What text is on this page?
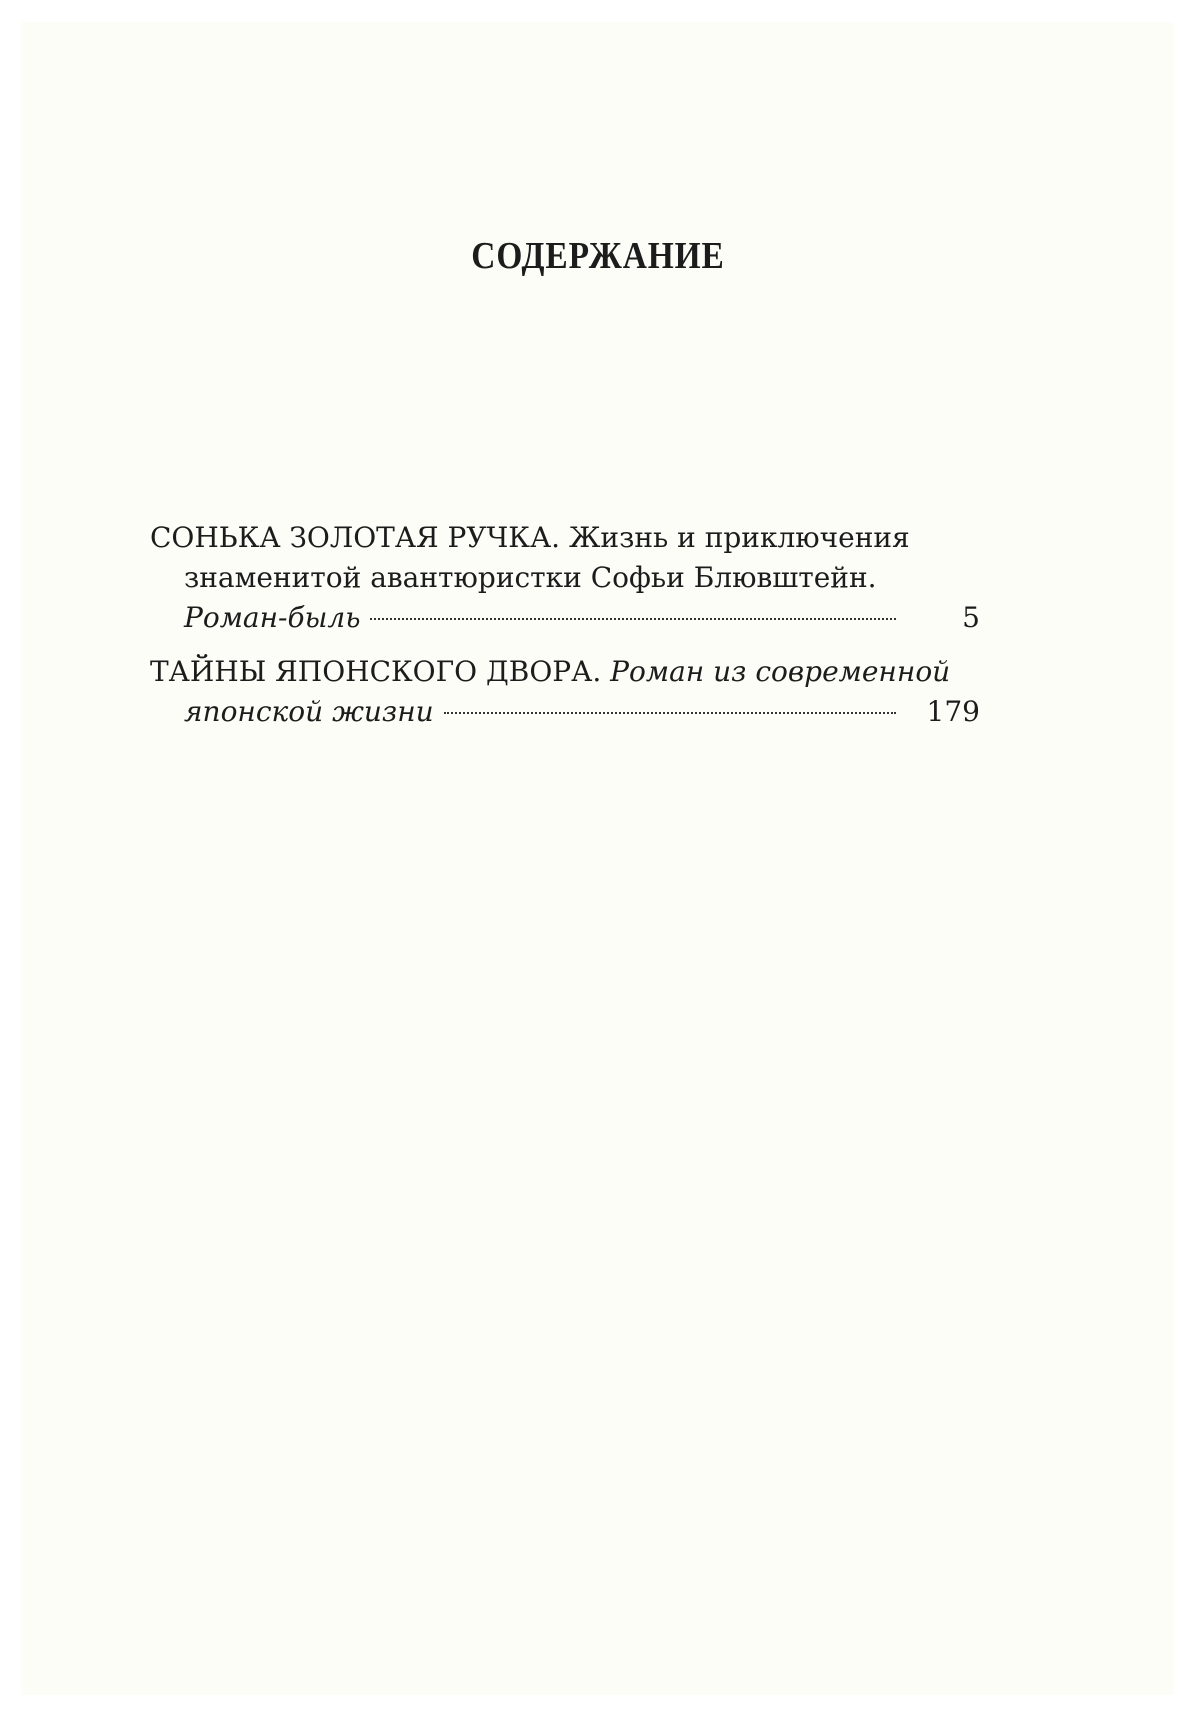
СОДЕРЖАНИЕ
СОНЬКА ЗОЛОТАЯ РУЧКА. Жизнь и приключения
знаменитой авантюристки Софьи Блювштейн.
Роман-быль	5
ТАЙНЫ ЯПОНСКОГО ДВОРА. Роман из современной
японской жизни	179
